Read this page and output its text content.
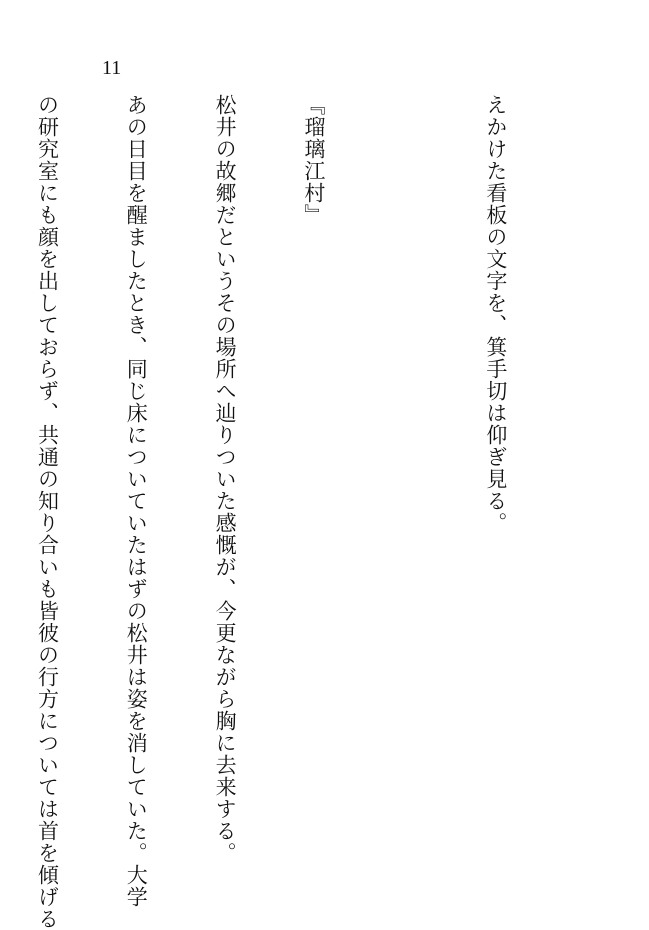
11

えかけた看板の文字を、箕手切は仰ぎ見る。

『瑠璃江村』

松井の故郷だというその場所へ辿りついた感慨が、今更ながら胸に去来する。

あの日目を醒ましたとき、同じ床についていたはずの松井は姿を消していた。大学

の研究室にも顔を出しておらず、共通の知り合いも皆彼の行方については首を傾げる
